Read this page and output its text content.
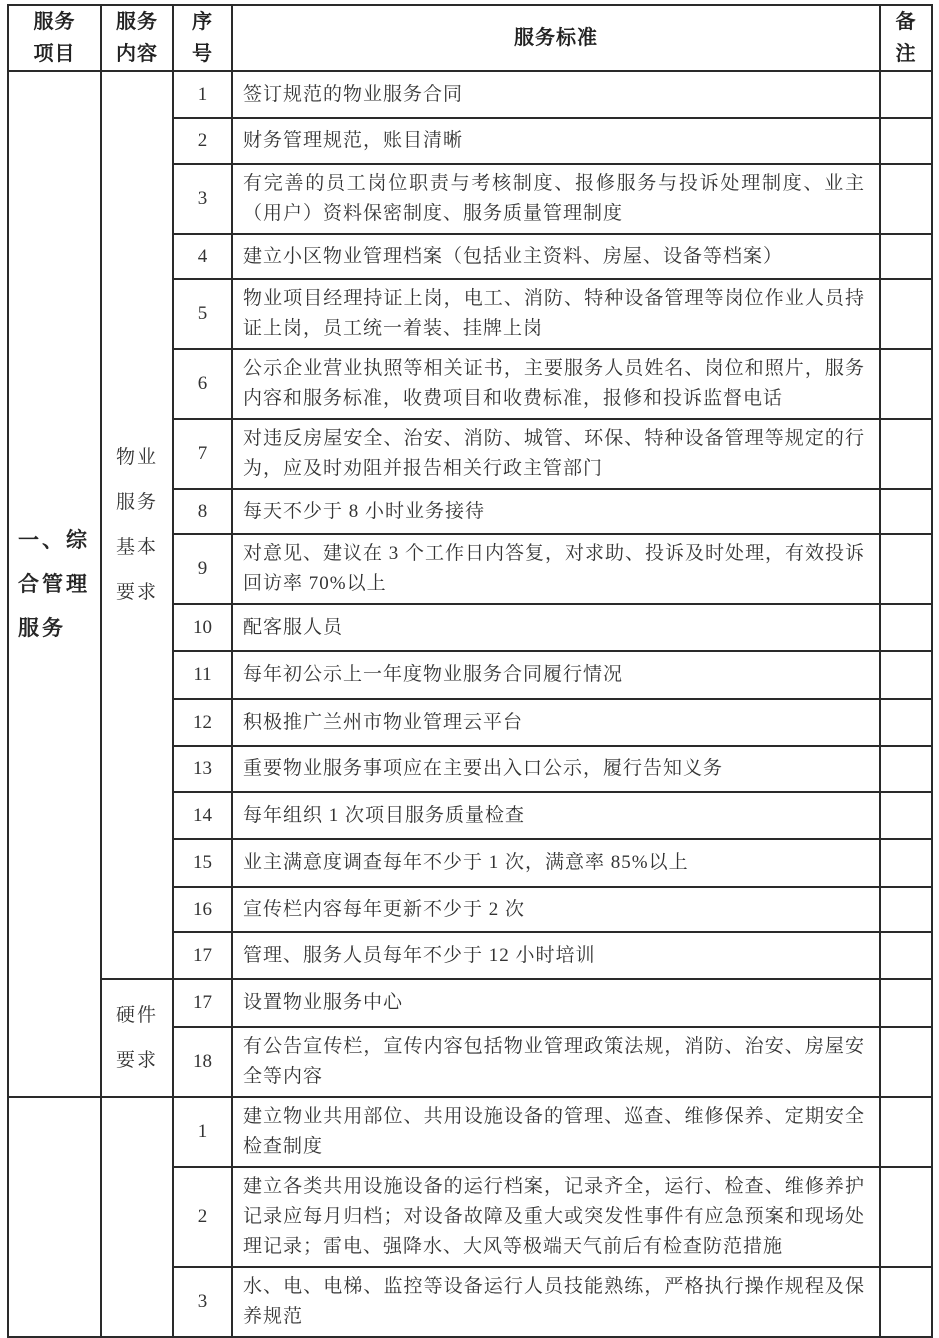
服务项目	服务内容	序号	服务标准	备注
一、综合管理服务	物业服务基本要求	1	签订规范的物业服务合同	
		2	财务管理规范，账目清晰	
		3	有完善的员工岗位职责与考核制度、报修服务与投诉处理制度、业主（用户）资料保密制度、服务质量管理制度	
		4	建立小区物业管理档案（包括业主资料、房屋、设备等档案）	
		5	物业项目经理持证上岗，电工、消防、特种设备管理等岗位作业人员持证上岗，员工统一着装、挂牌上岗	
		6	公示企业营业执照等相关证书，主要服务人员姓名、岗位和照片，服务内容和服务标准，收费项目和收费标准，报修和投诉监督电话	
		7	对违反房屋安全、治安、消防、城管、环保、特种设备管理等规定的行为，应及时劝阻并报告相关行政主管部门	
		8	每天不少于 8 小时业务接待	
		9	对意见、建议在 3 个工作日内答复，对求助、投诉及时处理，有效投诉回访率 70%以上	
		10	配客服人员	
		11	每年初公示上一年度物业服务合同履行情况	
		12	积极推广兰州市物业管理云平台	
		13	重要物业服务事项应在主要出入口公示，履行告知义务	
		14	每年组织 1 次项目服务质量检查	
		15	业主满意度调查每年不少于 1 次，满意率 85%以上	
		16	宣传栏内容每年更新不少于 2 次	
		17	管理、服务人员每年不少于 12 小时培训	
	硬件要求	17	设置物业服务中心	
		18	有公告宣传栏，宣传内容包括物业管理政策法规，消防、治安、房屋安全等内容	
		1	建立物业共用部位、共用设施设备的管理、巡查、维修保养、定期安全检查制度	
		2	建立各类共用设施设备的运行档案，记录齐全，运行、检查、维修养护记录应每月归档；对设备故障及重大或突发性事件有应急预案和现场处理记录；雷电、强降水、大风等极端天气前后有检查防范措施	
		3	水、电、电梯、监控等设备运行人员技能熟练，严格执行操作规程及保养规范	
